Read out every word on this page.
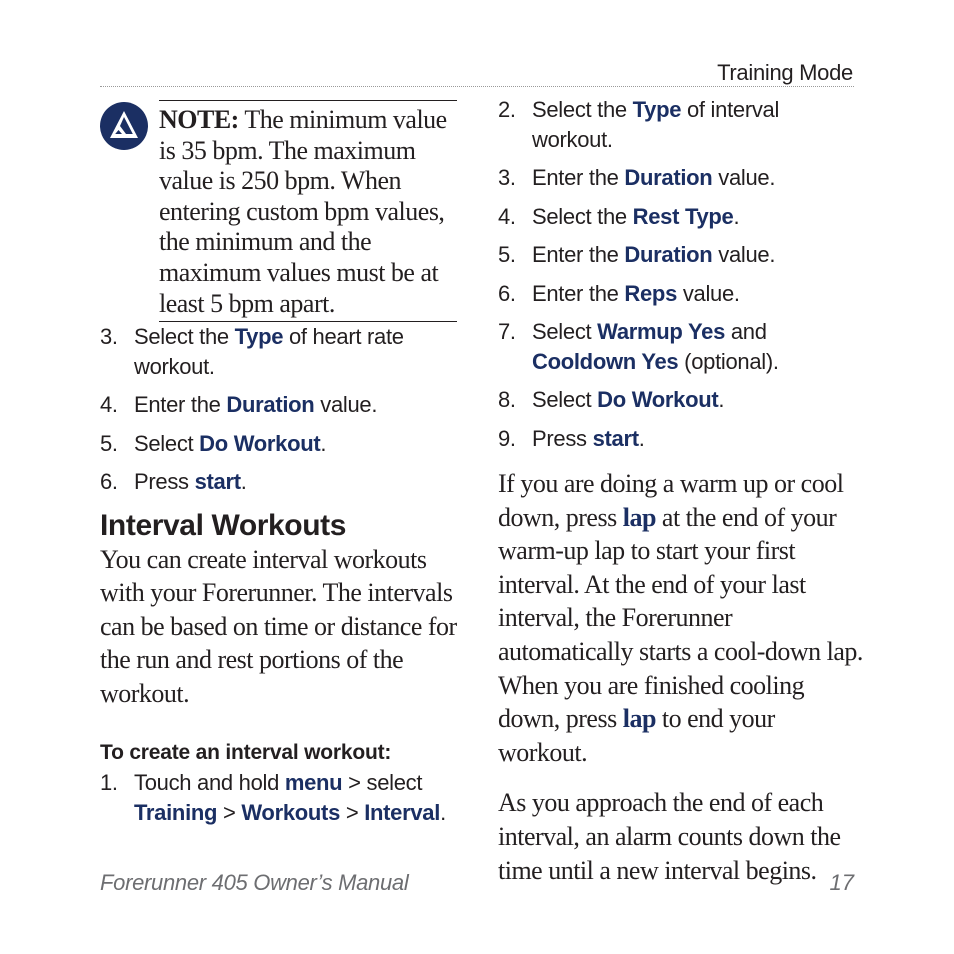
Training Mode
NOTE: The minimum value is 35 bpm. The maximum value is 250 bpm. When entering custom bpm values, the minimum and the maximum values must be at least 5 bpm apart.
3. Select the Type of heart rate workout.
4. Enter the Duration value.
5. Select Do Workout.
6. Press start.
Interval Workouts

You can create interval workouts with your Forerunner. The intervals can be based on time or distance for the run and rest portions of the workout.

To create an interval workout:
1. Touch and hold menu > select Training > Workouts > Interval.
2. Select the Type of interval workout.
3. Enter the Duration value.
4. Select the Rest Type.
5. Enter the Duration value.
6. Enter the Reps value.
7. Select Warmup Yes and Cooldown Yes (optional).
8. Select Do Workout.
9. Press start.

If you are doing a warm up or cool down, press lap at the end of your warm-up lap to start your first interval. At the end of your last interval, the Forerunner automatically starts a cool-down lap. When you are finished cooling down, press lap to end your workout.

As you approach the end of each interval, an alarm counts down the time until a new interval begins.

Forerunner 405 Owner’s Manual	17
